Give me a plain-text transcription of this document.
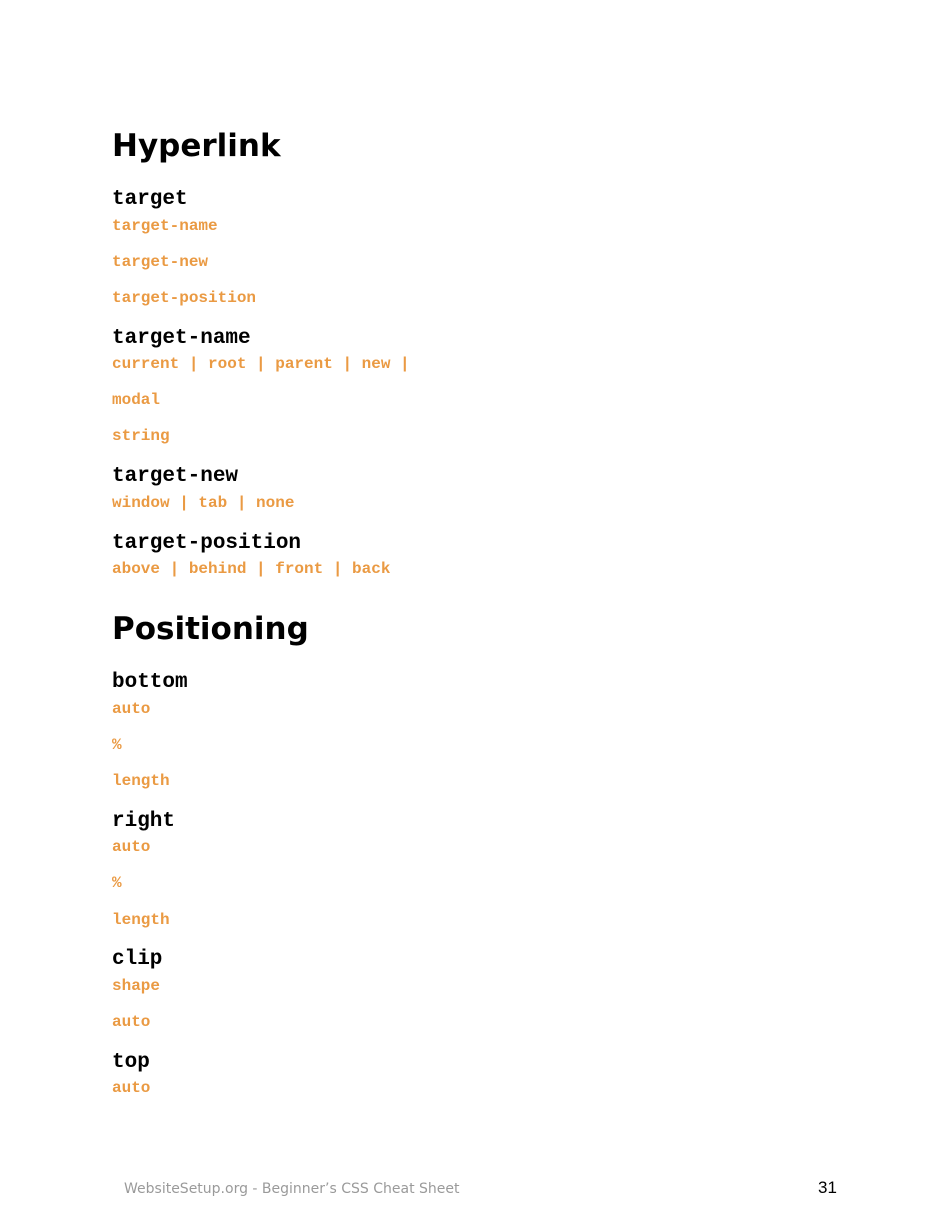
Hyperlink
target
target-name
target-new
target-position
target-name
current | root | parent | new |
modal
string
target-new
window | tab | none
target-position
above | behind | front | back
Positioning
bottom
auto
%
length
right
auto
%
length
clip
shape
auto
top
auto
WebsiteSetup.org - Beginner’s CSS Cheat Sheet	31
